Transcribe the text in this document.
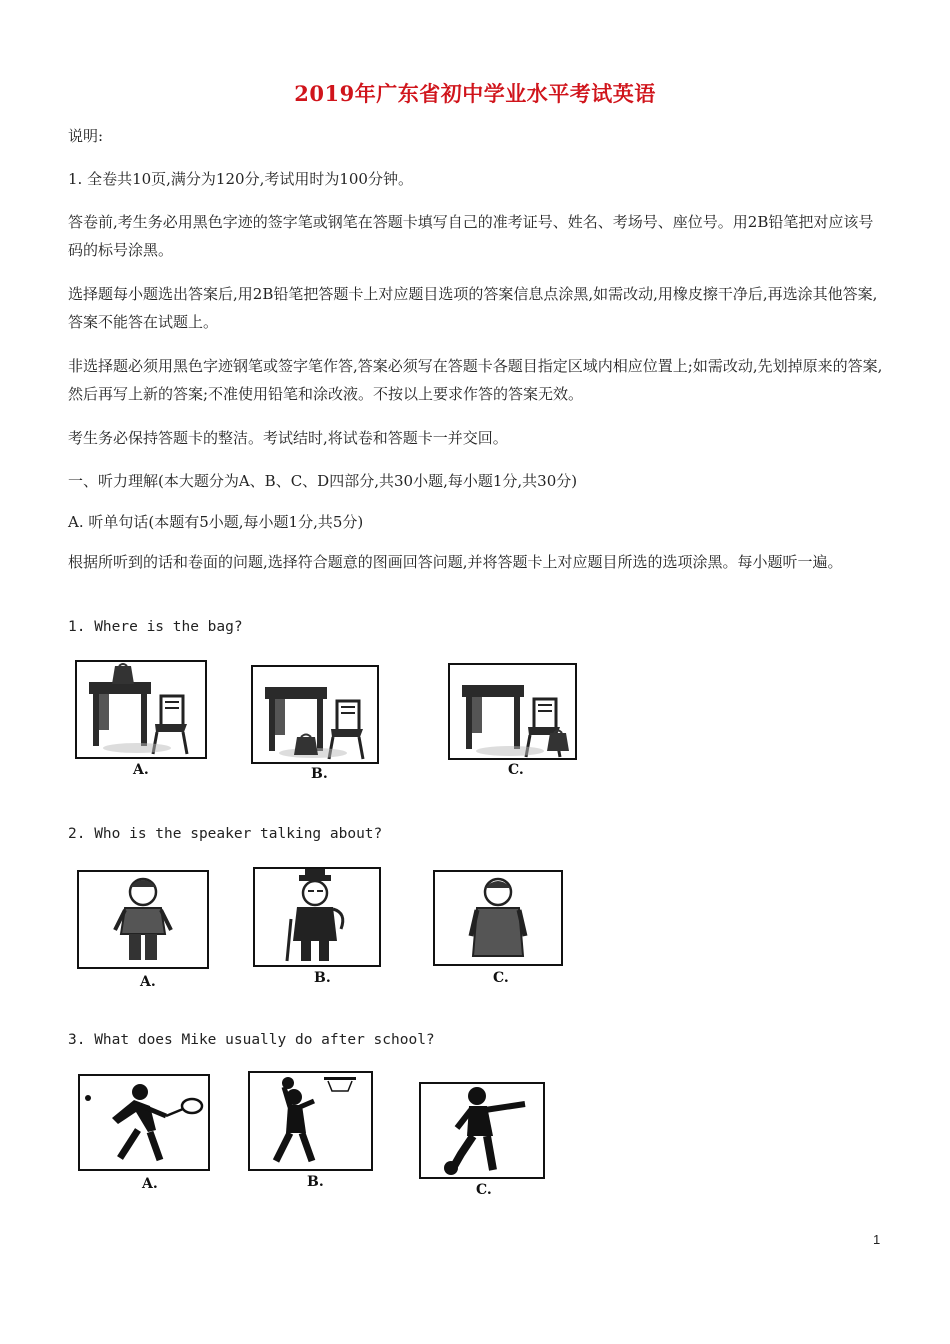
2019年广东省初中学业水平考试英语
说明:
1. 全卷共10页,满分为120分,考试用时为100分钟。
答卷前,考生务必用黑色字迹的签字笔或钢笔在答题卡填写自己的准考证号、姓名、考场号、座位号。用2B铅笔把对应该号码的标号涂黑。
选择题每小题选出答案后,用2B铅笔把答题卡上对应题目选项的答案信息点涂黑,如需改动,用橡皮擦干净后,再选涂其他答案,答案不能答在试题上。
非选择题必须用黑色字迹钢笔或签字笔作答,答案必须写在答题卡各题目指定区域内相应位置上;如需改动,先划掉原来的答案,然后再写上新的答案;不准使用铅笔和涂改液。不按以上要求作答的答案无效。
考生务必保持答题卡的整洁。考试结时,将试卷和答题卡一并交回。
一、听力理解(本大题分为A、B、C、D四部分,共30小题,每小题1分,共30分)
A. 听单句话(本题有5小题,每小题1分,共5分)
根据所听到的话和卷面的问题,选择符合题意的图画回答问题,并将答题卡上对应题目所选的选项涂黑。每小题听一遍。
1. Where is the bag?
A.	B.	C.
2. Who is the speaker talking about?
A.	B.	C.
3. What does Mike usually do after school?
A.	B.	C.
1
